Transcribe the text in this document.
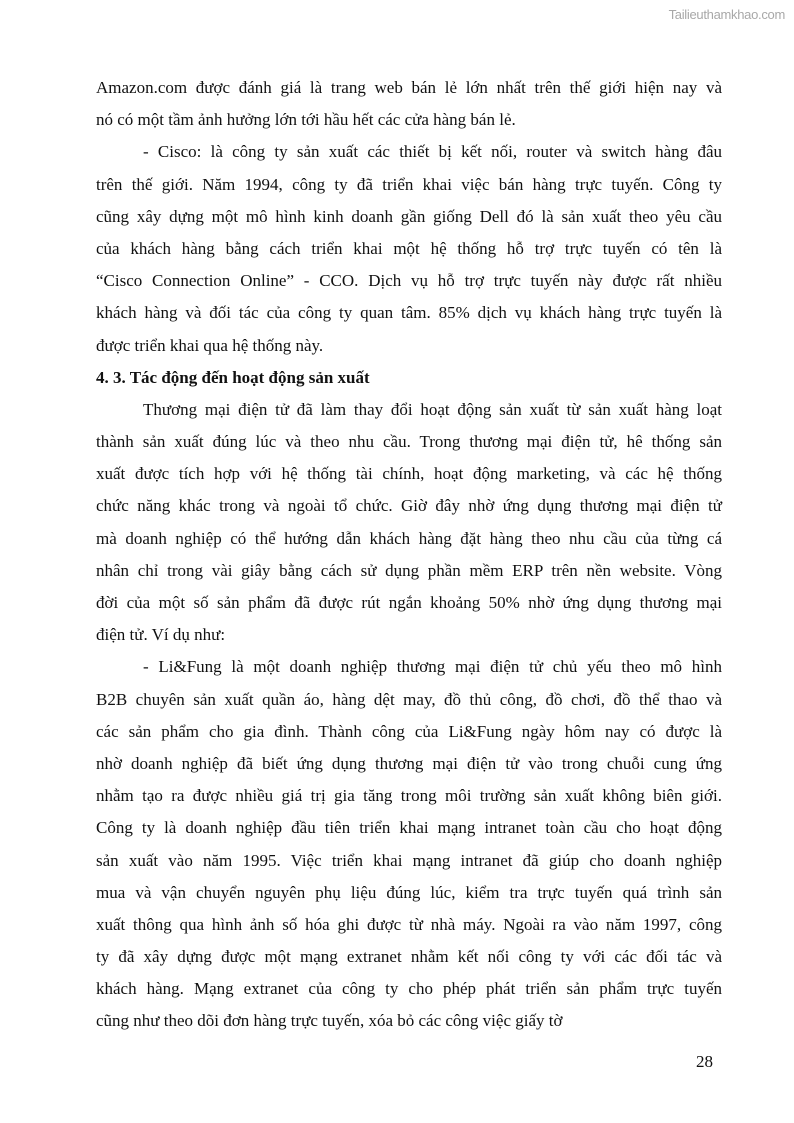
Tailieuthamkhao.com
Amazon.com được đánh giá là trang web bán lẻ lớn nhất trên thế giới hiện nay và
nó có một tầm ảnh hưởng lớn tới hầu hết các cửa hàng bán lẻ.
- Cisco: là công ty sản xuất các thiết bị kết nối, router và switch hàng đâu
trên thế giới. Năm 1994, công ty đã triển khai việc bán hàng trực tuyến. Công ty
cũng xây dựng một mô hình kinh doanh gần giống Dell đó là sản xuất theo yêu cầu
của khách hàng bằng cách triển khai một hệ thống hỗ trợ trực tuyến có tên là
“Cisco Connection Online” - CCO. Dịch vụ hỗ trợ trực tuyến này được rất nhiều
khách hàng và đối tác của công ty quan tâm. 85% dịch vụ khách hàng trực tuyến là
được triển khai qua hệ thống này.
4. 3. Tác động đến hoạt động sản xuất
Thương mại điện tử đã làm thay đổi hoạt động sản xuất từ sản xuất hàng loạt
thành sản xuất đúng lúc và theo nhu cầu. Trong thương mại điện tử, hê thống sản
xuất được tích hợp với hệ thống tài chính, hoạt động marketing, và các hệ thống
chức năng khác trong và ngoài tổ chức. Giờ đây nhờ ứng dụng thương mại điện tử
mà doanh nghiệp có thể hướng dẫn khách hàng đặt hàng theo nhu cầu của từng cá
nhân chỉ trong vài giây bằng cách sử dụng phần mềm ERP trên nền website. Vòng
đời của một số sản phẩm đã được rút ngắn khoảng 50% nhờ ứng dụng thương mại
điện tử. Ví dụ như:
- Li&Fung là một doanh nghiệp thương mại điện tử chủ yếu theo mô hình
B2B chuyên sản xuất quần áo, hàng dệt may, đồ thủ công, đồ chơi, đồ thể thao và
các sản phẩm cho gia đình. Thành công của Li&Fung ngày hôm nay có được là
nhờ doanh nghiệp đã biết ứng dụng thương mại điện tử vào trong chuỗi cung ứng
nhằm tạo ra được nhiều giá trị gia tăng trong môi trường sản xuất không biên giới.
Công ty là doanh nghiệp đầu tiên triển khai mạng intranet toàn cầu cho hoạt động
sản xuất vào năm 1995. Việc triển khai mạng intranet đã giúp cho doanh nghiệp
mua và vận chuyển nguyên phụ liệu đúng lúc, kiểm tra trực tuyến quá trình sản
xuất thông qua hình ảnh số hóa ghi được từ nhà máy. Ngoài ra vào năm 1997, công
ty đã xây dựng được một mạng extranet nhằm kết nối công ty với các đối tác và
khách hàng. Mạng extranet của công ty cho phép phát triển sản phẩm trực tuyến
cũng như theo dõi đơn hàng trực tuyến, xóa bỏ các công việc giấy tờ
28
